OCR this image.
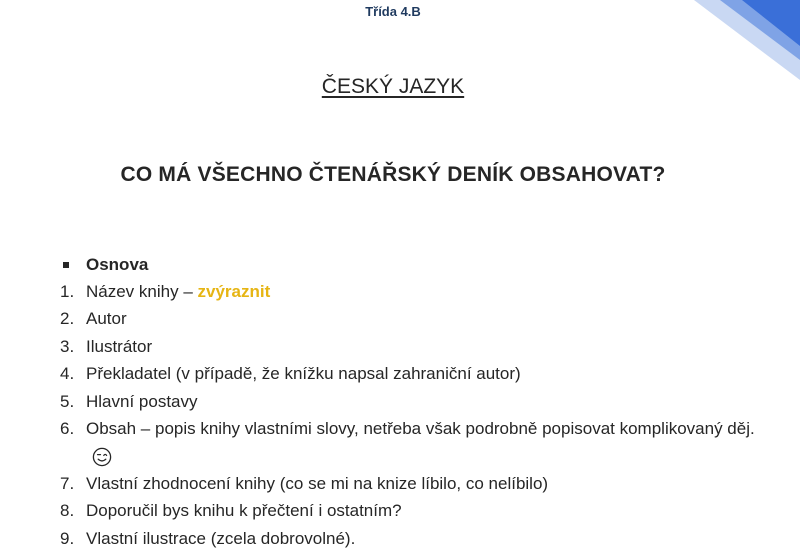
Třída 4.B
ČESKÝ JAZYK
CO MÁ VŠECHNO ČTENÁŘSKÝ DENÍK OBSAHOVAT?
Osnova
1. Název knihy – zvýraznit
2. Autor
3. Ilustrátor
4. Překladatel (v případě, že knížku napsal zahraniční autor)
5. Hlavní postavy
6. Obsah – popis knihy vlastními slovy, netřeba však podrobně popisovat komplikovaný děj.
7. Vlastní zhodnocení knihy (co se mi na knize líbilo, co nelíbilo)
8. Doporučil bys knihu k přečtení i ostatním?
9. Vlastní ilustrace (zcela dobrovolné).
